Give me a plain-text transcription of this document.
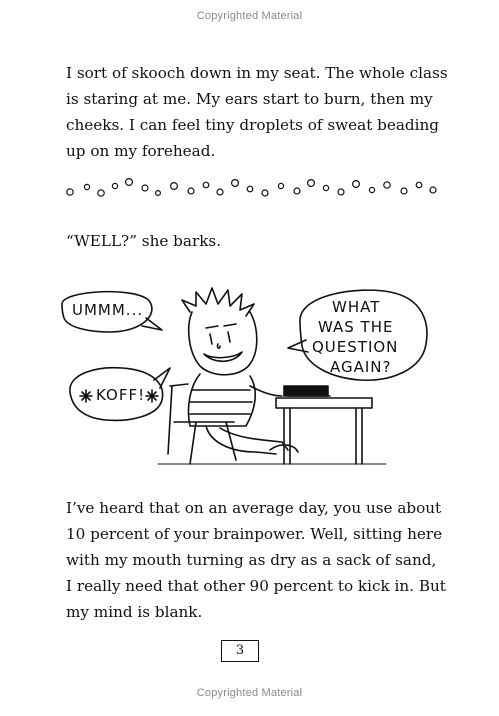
Copyrighted Material
I sort of skooch down in my seat. The whole class
is staring at me. My ears start to burn, then my
cheeks. I can feel tiny droplets of sweat beading
up on my forehead.
“WELL?” she barks.
UMMM...
KOFF!
WHAT
WAS THE
QUESTION
AGAIN?
I’ve heard that on an average day, you use about
10 percent of your brainpower. Well, sitting here
with my mouth turning as dry as a sack of sand,
I really need that other 90 percent to kick in. But
my mind is blank.
3
Copyrighted Material
